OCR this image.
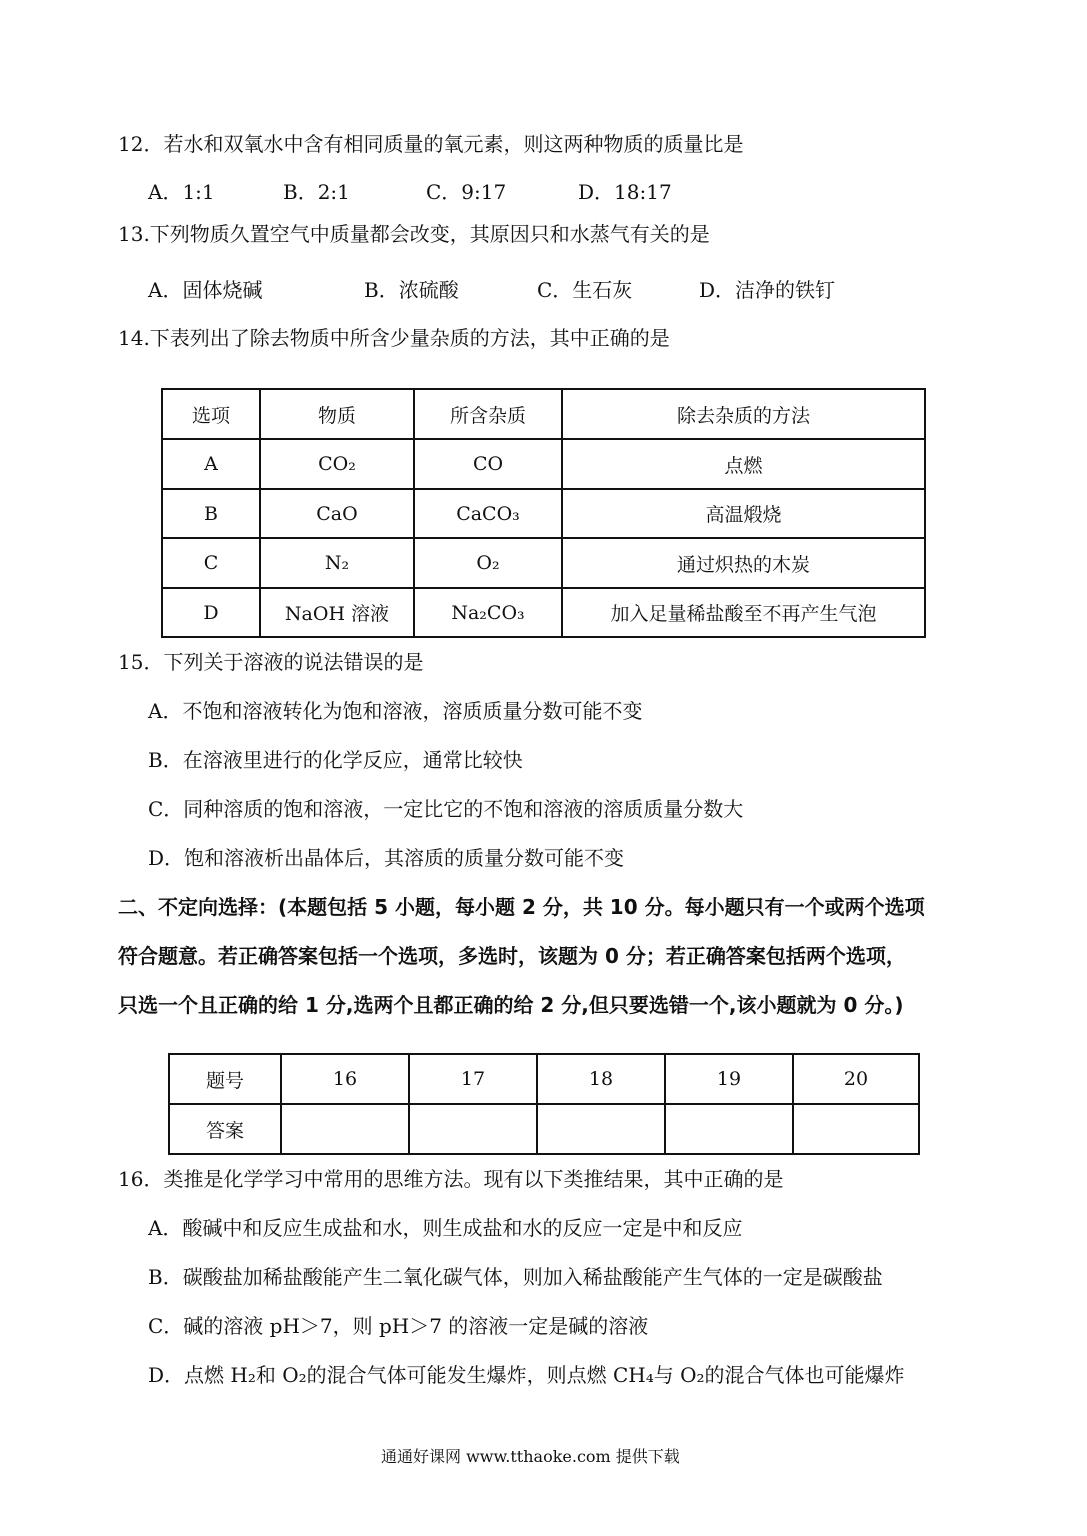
12．若水和双氧水中含有相同质量的氧元素，则这两种物质的质量比是
A．1:1	B．2:1	C．9:17	D．18:17
13.下列物质久置空气中质量都会改变，其原因只和水蒸气有关的是
A．固体烧碱	B．浓硫酸	C．生石灰	D．洁净的铁钉
14.下表列出了除去物质中所含少量杂质的方法，其中正确的是
选项	物质	所含杂质	除去杂质的方法
A	CO₂	CO	点燃
B	CaO	CaCO₃	高温煅烧
C	N₂	O₂	通过炽热的木炭
D	NaOH 溶液	Na₂CO₃	加入足量稀盐酸至不再产生气泡
15．下列关于溶液的说法错误的是
A．不饱和溶液转化为饱和溶液，溶质质量分数可能不变
B．在溶液里进行的化学反应，通常比较快
C．同种溶质的饱和溶液，一定比它的不饱和溶液的溶质质量分数大
D．饱和溶液析出晶体后，其溶质的质量分数可能不变
二、不定向选择：(本题包括 5 小题，每小题 2 分，共 10 分。每小题只有一个或两个选项
符合题意。若正确答案包括一个选项，多选时，该题为 0 分；若正确答案包括两个选项，
只选一个且正确的给 1 分,选两个且都正确的给 2 分,但只要选错一个,该小题就为 0 分。)
题号	16	17	18	19	20
答案					
16．类推是化学学习中常用的思维方法。现有以下类推结果，其中正确的是
A．酸碱中和反应生成盐和水，则生成盐和水的反应一定是中和反应
B．碳酸盐加稀盐酸能产生二氧化碳气体，则加入稀盐酸能产生气体的一定是碳酸盐
C．碱的溶液 pH＞7，则 pH＞7 的溶液一定是碱的溶液
D．点燃 H₂和 O₂的混合气体可能发生爆炸，则点燃 CH₄与 O₂的混合气体也可能爆炸
通通好课网 www.tthaoke.com 提供下载
